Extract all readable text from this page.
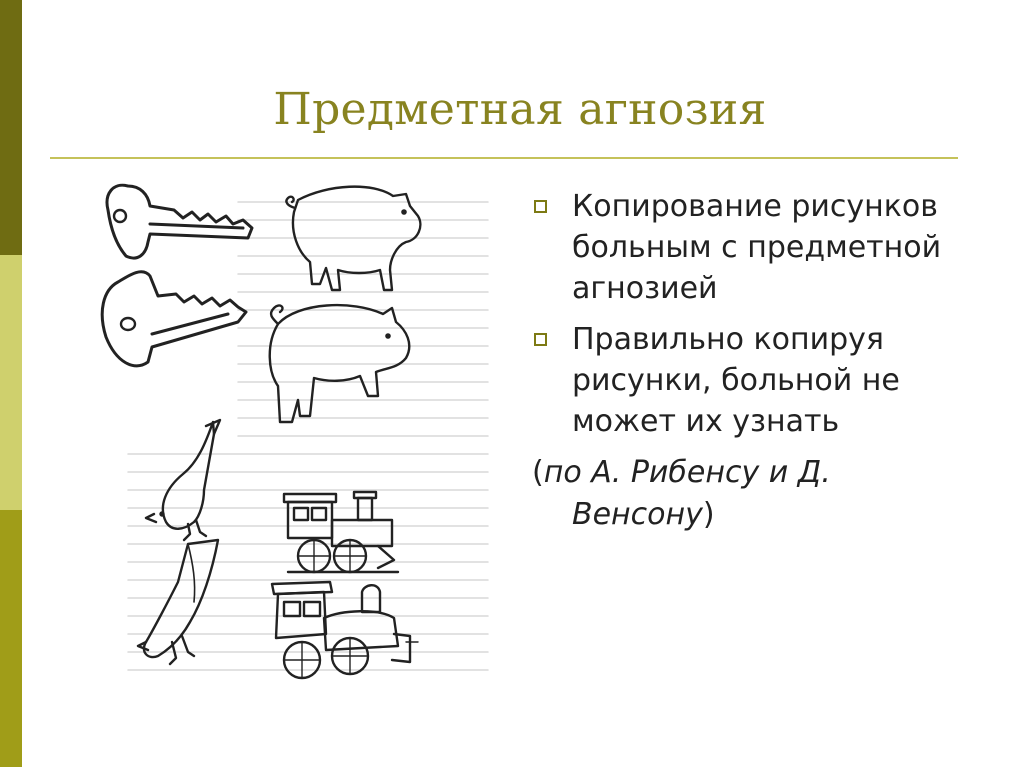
Предметная агнозия
Копирование рисунков больным с предметной агнозией
Правильно копируя рисунки, больной не может их узнать
(по А. Рибенсу и Д.
Венсону)
